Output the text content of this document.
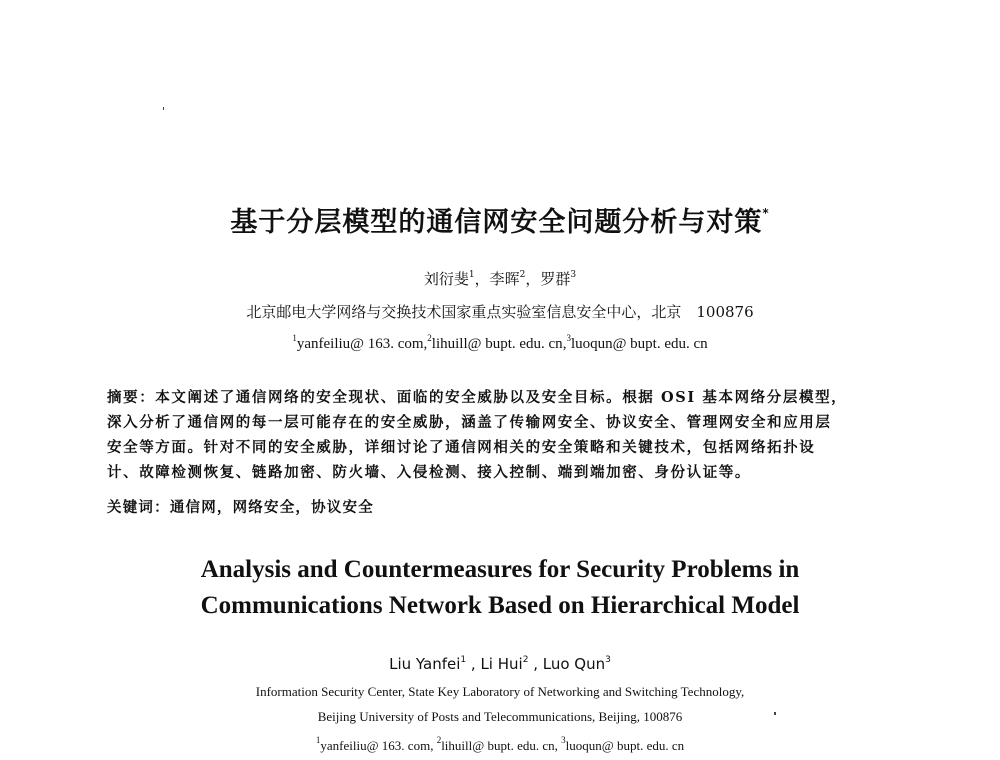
基于分层模型的通信网安全问题分析与对策*
刘衍斐$^1$，李晖$^2$，罗群$^3$
北京邮电大学网络与交换技术国家重点实验室信息安全中心，北京　100876
$^1$yanfeiliu@ 163. com,$^2$lihuill@ bupt. edu. cn,$^3$luoqun@ bupt. edu. cn
摘要：本文阐述了通信网络的安全现状、面临的安全威胁以及安全目标。根据 OSI 基本网络分层模型，
深入分析了通信网的每一层可能存在的安全威胁，涵盖了传输网安全、协议安全、管理网安全和应用层
安全等方面。针对不同的安全威胁，详细讨论了通信网相关的安全策略和关键技术，包括网络拓扑设
计、故障检测恢复、链路加密、防火墙、入侵检测、接入控制、端到端加密、身份认证等。
关键词：通信网，网络安全，协议安全
Analysis and Countermeasures for Security Problems in
Communications Network Based on Hierarchical Model
Liu Yanfei$^1$ , Li Hui$^2$ , Luo Qun$^3$
Information Security Center, State Key Laboratory of Networking and Switching Technology,
Beijing University of Posts and Telecommunications, Beijing, 100876
$^1$yanfeiliu@ 163. com, $^2$lihuill@ bupt. edu. cn, $^3$luoqun@ bupt. edu. cn
